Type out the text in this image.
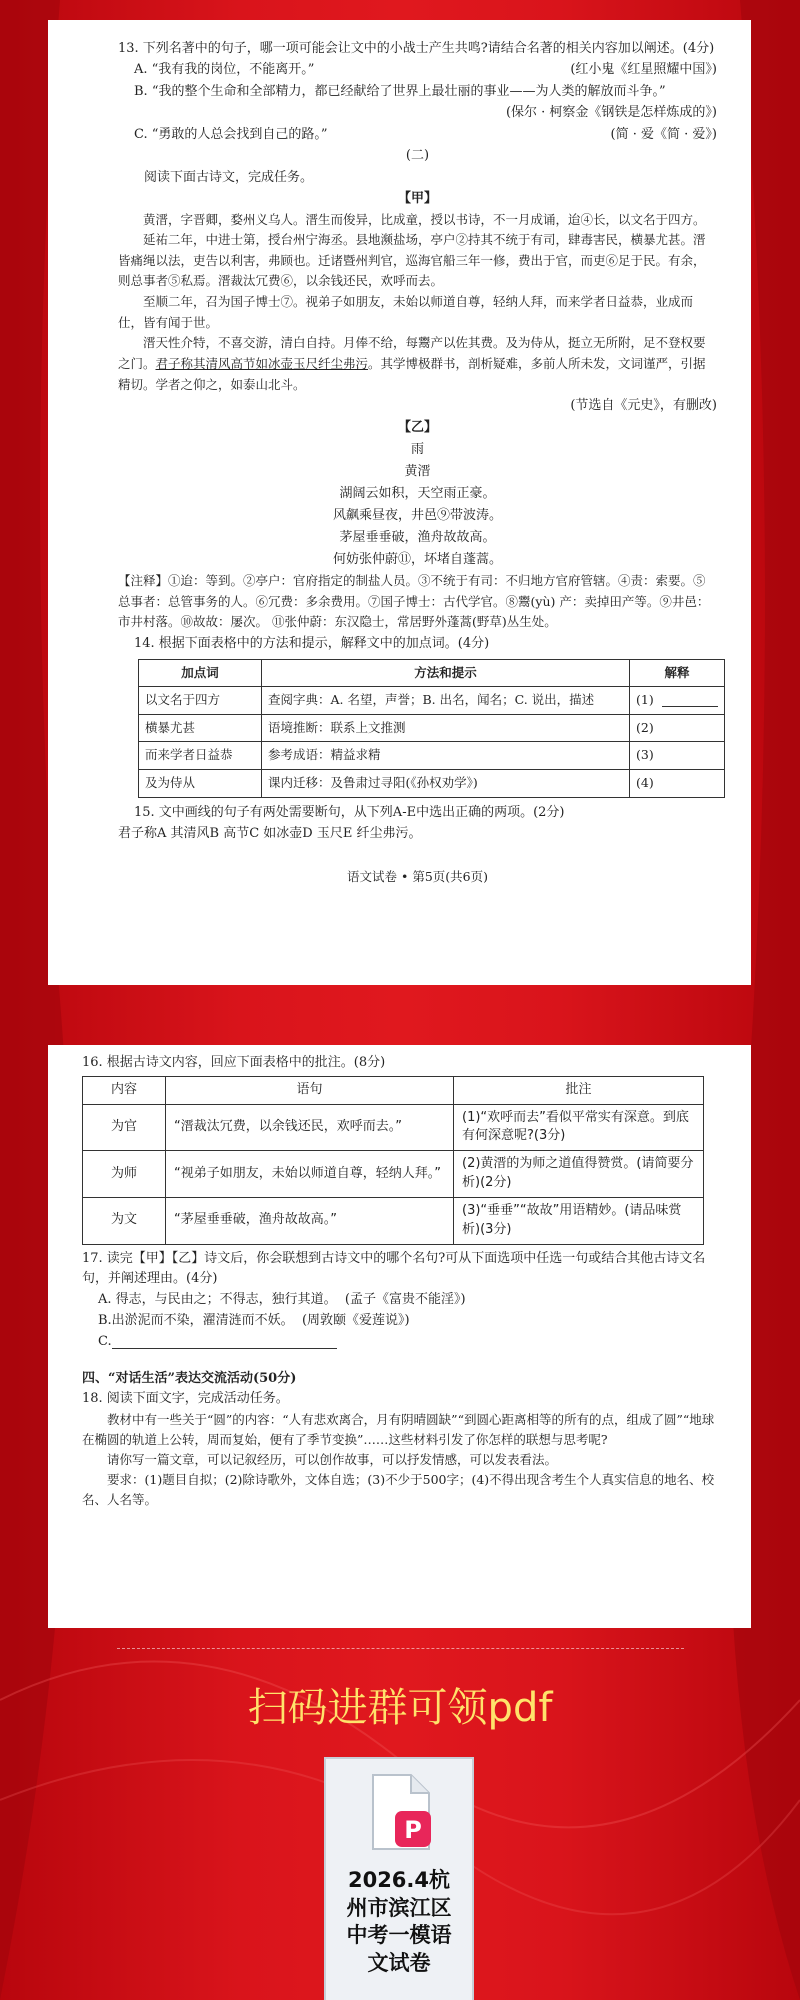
13. 下列名著中的句子，哪一项可能会让文中的小战士产生共鸣?请结合名著的相关内容加以阐述。(4分)

A. “我有我的岗位，不能离开。”	(红小鬼《红星照耀中国》)

B. “我的整个生命和全部精力，都已经献给了世界上最壮丽的事业——为人类的解放而斗争。”

(保尔 · 柯察金《钢铁是怎样炼成的》)

C. “勇敢的人总会找到自己的路。”	(简 · 爱《简 · 爱》)

(二)

阅读下面古诗文，完成任务。

【甲】

黄溍，字晋卿，婺州义乌人。溍生而俊异，比成童，授以书诗，不一月成诵，迨④长，以文名于四方。

延祐二年，中进士第，授台州宁海丞。县地濒盐场，亭户②持其不统于有司，肆毒害民，横暴尤甚。溍皆痛绳以法，吏告以利害，弗顾也。迁诸暨州判官，巡海官船三年一修，费出于官，而吏⑥足于民。有余，则总事者⑤私焉。溍裁汰冗费⑥，以余钱还民，欢呼而去。

至顺二年，召为国子博士⑦。视弟子如朋友，未始以师道自尊，轻纳人拜，而来学者日益恭，业成而仕，皆有闻于世。

溍天性介特，不喜交游，清白自持。月俸不给，每鬻产以佐其费。及为侍从，挺立无所附，足不登权要之门。君子称其清风高节如冰壶玉尺纤尘弗污。其学博极群书，剖析疑难，多前人所未发，文词谨严，引据精切。学者之仰之，如泰山北斗。

(节选自《元史》，有删改)

【乙】

雨

黄溍

湖阔云如积，天空雨正豪。

风飙乘昼夜，井邑⑨带波涛。

茅屋垂垂破，渔舟故故高。

何妨张仲蔚⑪，坏堵自蓬蒿。

【注释】①迨：等到。②亭户：官府指定的制盐人员。③不统于有司：不归地方官府管辖。④责：索要。⑤总事者：总管事务的人。⑥冗费：多余费用。⑦国子博士：古代学官。⑧鬻(yù) 产：卖掉田产等。⑨井邑：市井村落。⑩故故：屡次。 ⑪张仲蔚：东汉隐士，常居野外蓬蒿(野草)丛生处。

14. 根据下面表格中的方法和提示，解释文中的加点词。(4分)

加点词	方法和提示	解释
以文名于四方	查阅字典：A. 名望，声誉；B. 出名，闻名；C. 说出，描述	(1)
横暴尤甚	语境推断：联系上文推测	(2)
而来学者日益恭	参考成语：精益求精	(3)
及为侍从	课内迁移：及鲁肃过寻阳(《孙权劝学》)	(4)

15. 文中画线的句子有两处需要断句，从下列A-E中选出正确的两项。(2分)

君子称A 其清风B 高节C 如冰壶D 玉尺E 纤尘弗污。

语文试卷 • 第5页(共6页)

16. 根据古诗文内容，回应下面表格中的批注。(8分)

内容	语句	批注
为官	“溍裁汰冗费，以余钱还民，欢呼而去。”	(1)“欢呼而去”看似平常实有深意。到底有何深意呢?(3分)
为师	“视弟子如朋友，未始以师道自尊，轻纳人拜。”	(2)黄溍的为师之道值得赞赏。(请简要分析)(2分)
为文	“茅屋垂垂破，渔舟故故高。”	(3)“垂垂”“故故”用语精妙。(请品味赏析)(3分)

17. 读完【甲】【乙】诗文后，你会联想到古诗文中的哪个名句?可从下面选项中任选一句或结合其他古诗文名句，并阐述理由。(4分)

A. 得志，与民由之；不得志，独行其道。 (孟子《富贵不能淫》)

B.出淤泥而不染，濯清涟而不妖。 (周敦颐《爱莲说》)

C.

四、“对话生活”表达交流活动(50分)

18. 阅读下面文字，完成活动任务。

教材中有一些关于“圆”的内容：“人有悲欢离合，月有阴晴圆缺”“到圆心距离相等的所有的点，组成了圆”“地球在椭圆的轨道上公转，周而复始，便有了季节变换”……这些材料引发了你怎样的联想与思考呢?

请你写一篇文章，可以记叙经历，可以创作故事，可以抒发情感，可以发表看法。

要求：(1)题目自拟；(2)除诗歌外，文体自选；(3)不少于500字；(4)不得出现含考生个人真实信息的地名、校名、人名等。

扫码进群可领pdf
P
2026.4杭
州市滨江区
中考一模语
文试卷
